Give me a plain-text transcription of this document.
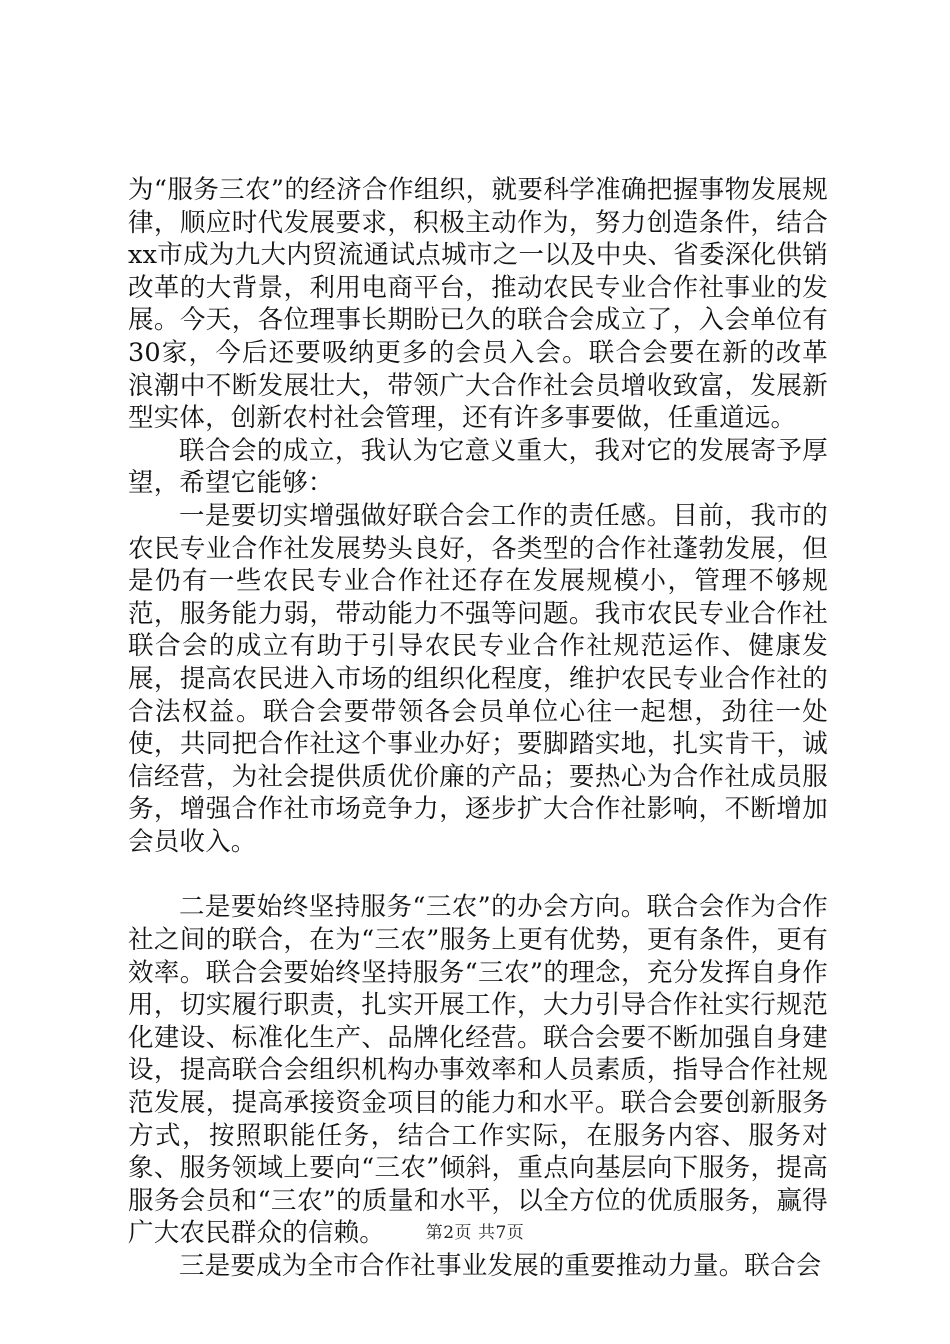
为“服务三农”的经济合作组织，就要科学准确把握事物发展规律，顺应时代发展要求，积极主动作为，努力创造条件，结合xx市成为九大内贸流通试点城市之一以及中央、省委深化供销改革的大背景，利用电商平台，推动农民专业合作社事业的发展。今天，各位理事长期盼已久的联合会成立了，入会单位有30家，今后还要吸纳更多的会员入会。联合会要在新的改革浪潮中不断发展壮大，带领广大合作社会员增收致富，发展新型实体，创新农村社会管理，还有许多事要做，任重道远。

联合会的成立，我认为它意义重大，我对它的发展寄予厚望，希望它能够：

一是要切实增强做好联合会工作的责任感。目前，我市的农民专业合作社发展势头良好，各类型的合作社蓬勃发展，但是仍有一些农民专业合作社还存在发展规模小，管理不够规范，服务能力弱，带动能力不强等问题。我市农民专业合作社联合会的成立有助于引导农民专业合作社规范运作、健康发展，提高农民进入市场的组织化程度，维护农民专业合作社的合法权益。联合会要带领各会员单位心往一起想，劲往一处使，共同把合作社这个事业办好；要脚踏实地，扎实肯干，诚信经营，为社会提供质优价廉的产品；要热心为合作社成员服务，增强合作社市场竞争力，逐步扩大合作社影响，不断增加会员收入。

二是要始终坚持服务“三农”的办会方向。联合会作为合作社之间的联合，在为“三农”服务上更有优势，更有条件，更有效率。联合会要始终坚持服务“三农”的理念，充分发挥自身作用，切实履行职责，扎实开展工作，大力引导合作社实行规范化建设、标准化生产、品牌化经营。联合会要不断加强自身建设，提高联合会组织机构办事效率和人员素质，指导合作社规范发展，提高承接资金项目的能力和水平。联合会要创新服务方式，按照职能任务，结合工作实际，在服务内容、服务对象、服务领域上要向“三农”倾斜，重点向基层向下服务，提高服务会员和“三农”的质量和水平，以全方位的优质服务，赢得广大农民群众的信赖。

三是要成为全市合作社事业发展的重要推动力量。联合会

第2页 共7页
